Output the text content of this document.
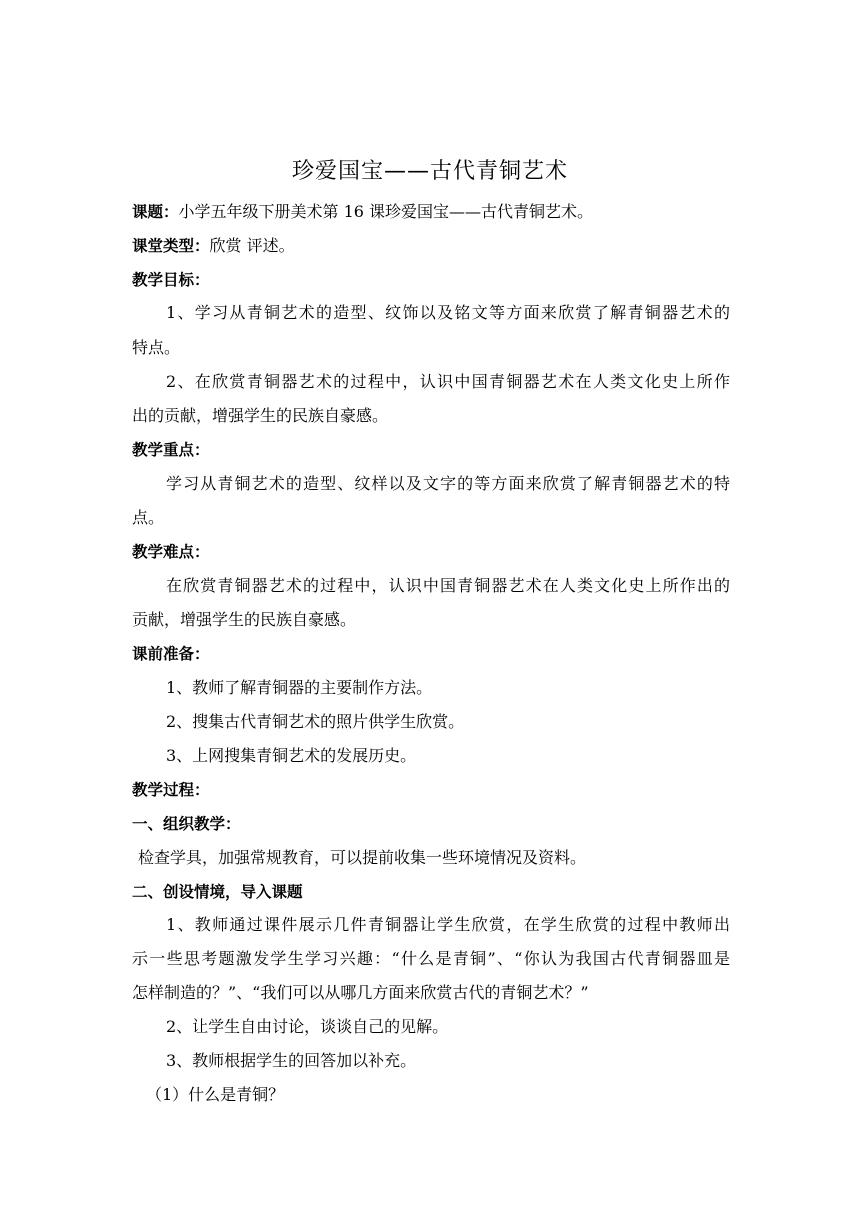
珍爱国宝——古代青铜艺术
课题：小学五年级下册美术第 16 课珍爱国宝——古代青铜艺术。
课堂类型：欣赏 评述。
教学目标：
1、学习从青铜艺术的造型、纹饰以及铭文等方面来欣赏了解青铜器艺术的
特点。
2、在欣赏青铜器艺术的过程中，认识中国青铜器艺术在人类文化史上所作
出的贡献，增强学生的民族自豪感。
教学重点：
学习从青铜艺术的造型、纹样以及文字的等方面来欣赏了解青铜器艺术的特
点。
教学难点：
在欣赏青铜器艺术的过程中，认识中国青铜器艺术在人类文化史上所作出的
贡献，增强学生的民族自豪感。
课前准备：
1、教师了解青铜器的主要制作方法。
2、搜集古代青铜艺术的照片供学生欣赏。
3、上网搜集青铜艺术的发展历史。
教学过程：
一、组织教学：
检查学具，加强常规教育，可以提前收集一些环境情况及资料。
二、创设情境，导入课题
1、教师通过课件展示几件青铜器让学生欣赏，在学生欣赏的过程中教师出
示一些思考题激发学生学习兴趣：“什么是青铜”、“你认为我国古代青铜器皿是
怎样制造的？”、“我们可以从哪几方面来欣赏古代的青铜艺术？”
2、让学生自由讨论，谈谈自己的见解。
3、教师根据学生的回答加以补充。
（1）什么是青铜？
